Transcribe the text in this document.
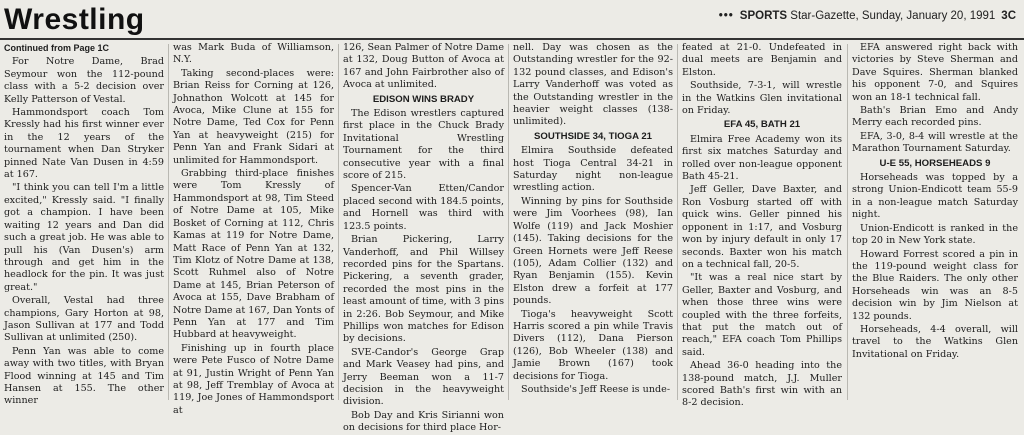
Wrestling	••• SPORTS Star-Gazette, Sunday, January 20, 1991 3C

Continued from Page 1C

For Notre Dame, Brad Seymour won the 112-pound class with a 5-2 decision over Kelly Patterson of Vestal.

Hammondsport coach Tom Kressly had his first winner ever in the 12 years of the tournament when Dan Stryker pinned Nate Van Dusen in 4:59 at 167.

"I think you can tell I'm a little excited," Kressly said. "I finally got a champion. I have been waiting 12 years and Dan did such a great job. He was able to pull his (Van Dusen's) arm through and get him in the headlock for the pin. It was just great."

Overall, Vestal had three champions, Gary Horton at 98, Jason Sullivan at 177 and Todd Sullivan at unlimited (250).

Penn Yan was able to come away with two titles, with Bryan Flood winning at 145 and Tim Hansen at 155. The other winner

was Mark Buda of Williamson, N.Y.

Taking second-places were: Brian Reiss for Corning at 126, Johnathon Wolcott at 145 for Avoca, Mike Clune at 155 for Notre Dame, Ted Cox for Penn Yan at heavyweight (215) for Penn Yan and Frank Sidari at unlimited for Hammondsport.

Grabbing third-place finishes were Tom Kressly of Hammondsport at 98, Tim Steed of Notre Dame at 105, Mike Bosket of Corning at 112, Chris Kamas at 119 for Notre Dame, Matt Race of Penn Yan at 132, Tim Klotz of Notre Dame at 138, Scott Ruhmel also of Notre Dame at 145, Brian Peterson of Avoca at 155, Dave Brabham of Notre Dame at 167, Dan Yonts of Penn Yan at 177 and Tim Hubbard at heavyweight.

Finishing up in fourth place were Pete Fusco of Notre Dame at 91, Justin Wright of Penn Yan at 98, Jeff Tremblay of Avoca at 119, Joe Jones of Hammondsport at

126, Sean Palmer of Notre Dame at 132, Doug Button of Avoca at 167 and John Fairbrother also of Avoca at unlimited.

EDISON WINS BRADY

The Edison wrestlers captured first place in the Chuck Brady Invitational Wrestling Tournament for the third consecutive year with a final score of 215.

Spencer-Van Etten/Candor placed second with 184.5 points, and Hornell was third with 123.5 points.

Brian Pickering, Larry Vanderhoff, and Phil Willsey recorded pins for the Spartans. Pickering, a seventh grader, recorded the most pins in the least amount of time, with 3 pins in 2:26. Bob Seymour, and Mike Phillips won matches for Edison by decisions.

SVE-Candor's George Grap and Mark Veasey had pins, and Jerry Beeman won a 11-7 decision in the heavyweight division.

Bob Day and Kris Sirianni won on decisions for third place Hor-

nell. Day was chosen as the Outstanding wrestler for the 92-132 pound classes, and Edison's Larry Vanderhoff was voted as the Outstanding wrestler in the heavier weight classes (138-unlimited).

SOUTHSIDE 34, TIOGA 21

Elmira Southside defeated host Tioga Central 34-21 in Saturday night non-league wrestling action.

Winning by pins for Southside were Jim Voorhees (98), Ian Wolfe (119) and Jack Moshier (145). Taking decisions for the Green Hornets were Jeff Reese (105), Adam Collier (132) and Ryan Benjamin (155). Kevin Elston drew a forfeit at 177 pounds.

Tioga's heavyweight Scott Harris scored a pin while Travis Divers (112), Dana Pierson (126), Bob Wheeler (138) and Jamie Brown (167) took decisions for Tioga.

Southside's Jeff Reese is unde-

feated at 21-0. Undefeated in dual meets are Benjamin and Elston.

Southside, 7-3-1, will wrestle in the Watkins Glen invitational on Friday.

EFA 45, BATH 21

Elmira Free Academy won its first six matches Saturday and rolled over non-league opponent Bath 45-21.

Jeff Geller, Dave Baxter, and Ron Vosburg started off with quick wins. Geller pinned his opponent in 1:17, and Vosburg won by injury default in only 17 seconds. Baxter won his match on a technical fall, 20-5.

"It was a real nice start by Geller, Baxter and Vosburg, and when those three wins were coupled with the three forfeits, that put the match out of reach," EFA coach Tom Phillips said.

Ahead 36-0 heading into the 138-pound match, J.J. Muller scored Bath's first win with an 8-2 decision.

EFA answered right back with victories by Steve Sherman and Dave Squires. Sherman blanked his opponent 7-0, and Squires won an 18-1 technical fall.

Bath's Brian Emo and Andy Merry each recorded pins.

EFA, 3-0, 8-4 will wrestle at the Marathon Tournament Saturday.

U-E 55, HORSEHEADS 9

Horseheads was topped by a strong Union-Endicott team 55-9 in a non-league match Saturday night.

Union-Endicott is ranked in the top 20 in New York state.

Howard Forrest scored a pin in the 119-pound weight class for the Blue Raiders. The only other Horseheads win was an 8-5 decision win by Jim Nielson at 132 pounds.

Horseheads, 4-4 overall, will travel to the Watkins Glen Invitational on Friday.
